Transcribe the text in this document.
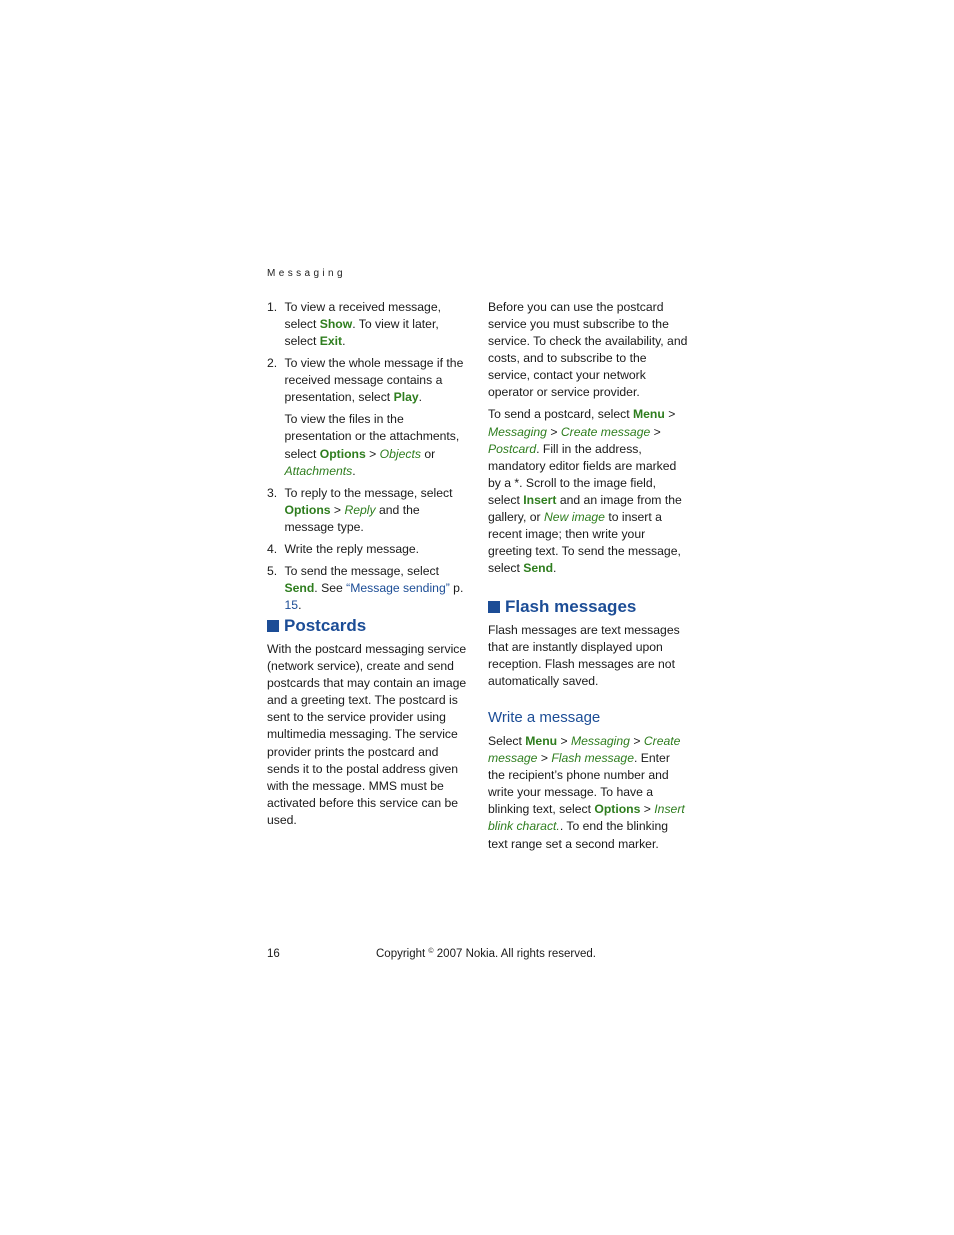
Messaging
1. To view a received message, select Show. To view it later, select Exit.
2. To view the whole message if the received message contains a presentation, select Play.

To view the files in the presentation or the attachments, select Options > Objects or Attachments.

3. To reply to the message, select Options > Reply and the message type.
4. Write the reply message.
5. To send the message, select Send. See “Message sending” p. 15.
Postcards

With the postcard messaging service (network service), create and send postcards that may contain an image and a greeting text. The postcard is sent to the service provider using multimedia messaging. The service provider prints the postcard and sends it to the postal address given with the message. MMS must be activated before this service can be used.

Before you can use the postcard service you must subscribe to the service. To check the availability, and costs, and to subscribe to the service, contact your network operator or service provider.

To send a postcard, select Menu > Messaging > Create message > Postcard. Fill in the address, mandatory editor fields are marked by a *. Scroll to the image field, select Insert and an image from the gallery, or New image to insert a recent image; then write your greeting text. To send the message, select Send.

Flash messages

Flash messages are text messages that are instantly displayed upon reception. Flash messages are not automatically saved.

Write a message

Select Menu > Messaging > Create message > Flash message. Enter the recipient’s phone number and write your message. To have a blinking text, select Options > Insert blink charact.. To end the blinking text range set a second marker.

16	Copyright © 2007 Nokia. All rights reserved.
